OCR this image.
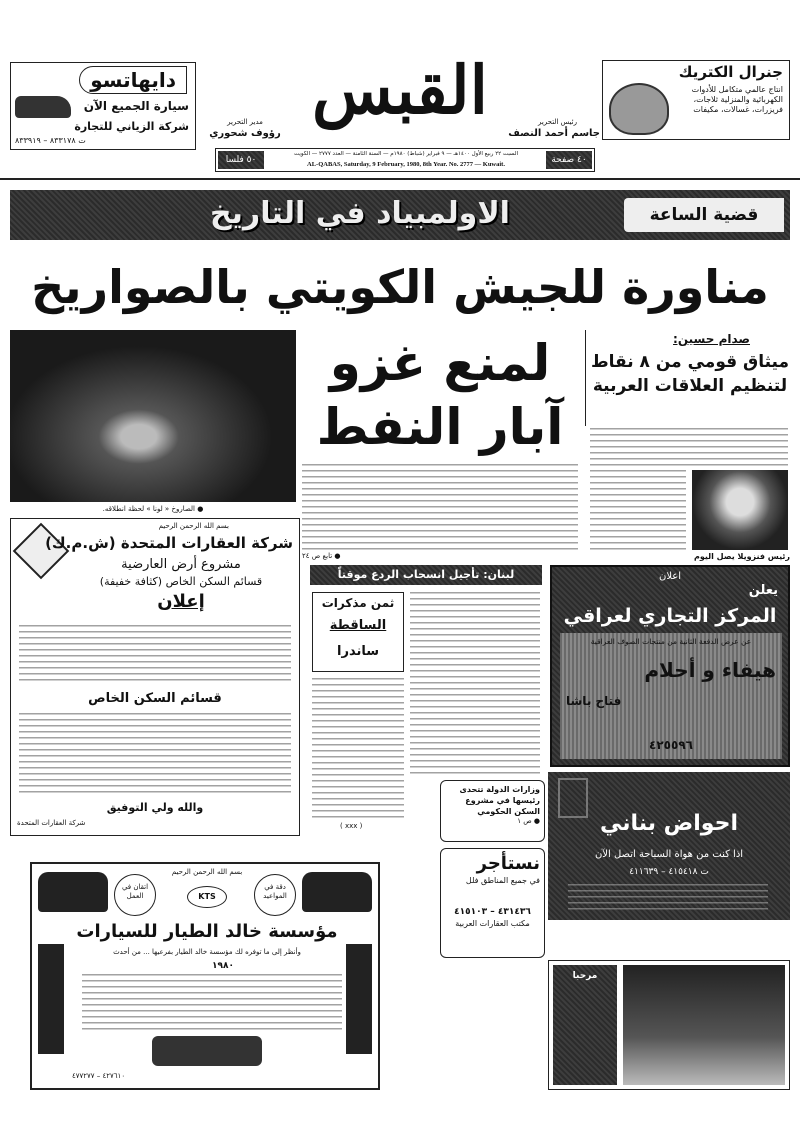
دايهاتسو
سيارة الجميع الآن
شركة الزياني للتجارة
ت ٨٣٣١٧٨ – ٨٣٣٩١٩
القبس
مدير التحرير
رؤوف شحوري
رئيس التحرير
جاسم أحمد النصف
٤٠ صفحة
٥٠ فلسا
السبت ٢٢ ربيع الأول ١٤٠٠هـ — ٩ فبراير (شباط) ١٩٨٠م — السنة الثامنة — العدد ٢٧٧٧ — الكويت
AL-QABAS, Saturday, 9 February, 1980, 8th Year. No. 2777 — Kuwait.
جنرال الكتريك
انتاج عالمي متكامل للأدوات الكهربائية والمنزلية ثلاجات، فريزرات، غسالات، مكيفات
قضية الساعة
الاولمبياد في التاريخ
مناورة للجيش الكويتي بالصواريخ
● الصاروخ « لونا » لحظة انطلاقه.
لمنع غزو
آبار النفط
● تابع ص ٢٤
صدام حسين:
ميثاق قومي من ٨ نقاط لتنظيم العلاقات العربية
رئيس فنزويلا يصل اليوم
بسم الله الرحمن الرحيم
شركة العقارات المتحدة (ش.م.ك)
مشروع أرض العارضية
قسائم السكن الخاص (كثافة خفيفة)
إعلان
قسائم السكن الخاص
والله ولي التوفيق
شركة العقارات المتحدة
لبنان: تأجيل انسحاب الردع موقتاً
ثمن مذكرات
الساقطة
ساندرا
( xxx )
وزارات الدولة تتحدى رئيسها في مشروع السكن الحكومي
● ص ١
نستأجر
في جميع المناطق فلل
٤٣١٤٣٦ – ٤١٥١٠٣
مكتب العقارات العربية
اعلان
يعلن
المركز التجاري لعراقي
عن عرض الدفعة الثانية من منتجات الصوف العراقية
هيفاء و أحلام
فتاح باشا
٤٢٥٥٩٦
احواض بناني
اذا كنت من هواة السباحة اتصل الآن
ت ٤١٥٤١٨ – ٤١١٦٣٩
اتقان في العمل
دقة في المواعيد
بسم الله الرحمن الرحيم
KTS
مؤسسة خالد الطيار للسيارات
وأنظر إلى ما توفره لك مؤسسة خالد الطيار بفرعيها ... من أحدث
١٩٨٠
٤٢٧٦١٠ – ٤٧٧٢٧٧
مرحبا
